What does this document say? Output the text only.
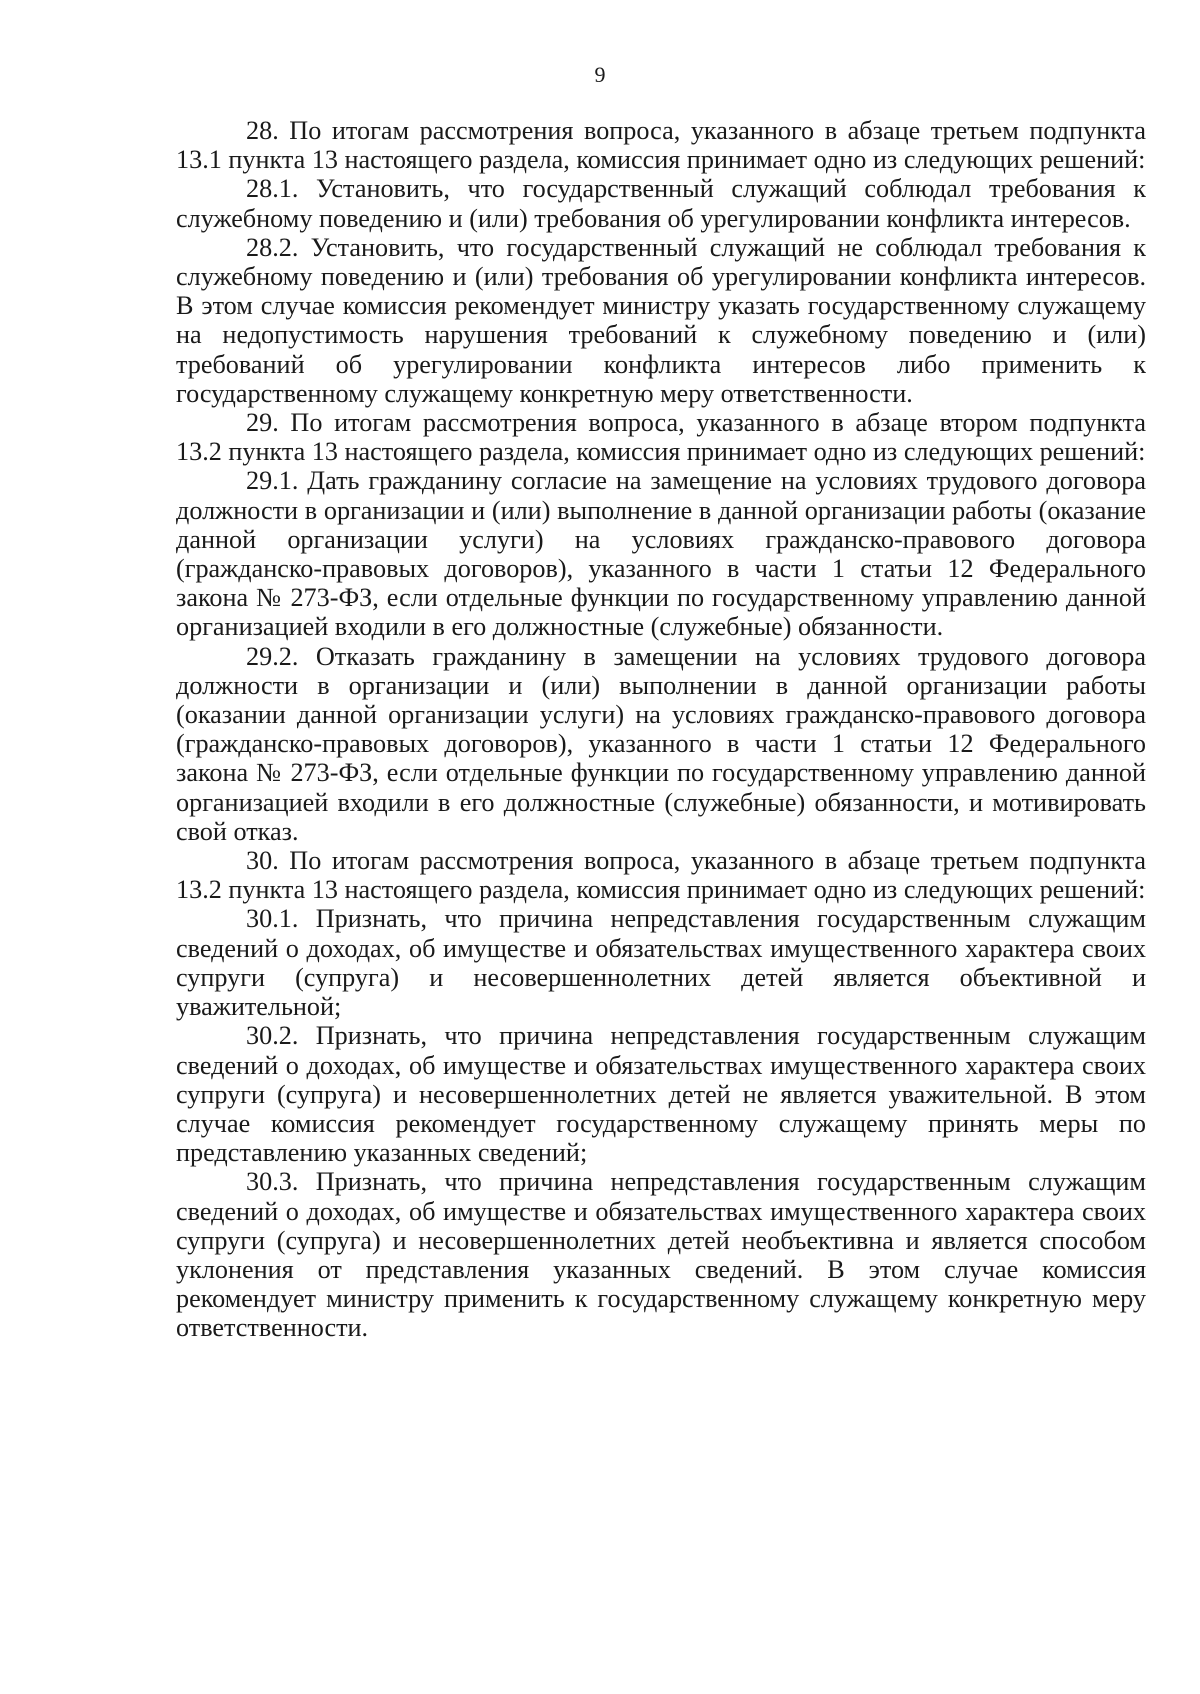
9

28. По итогам рассмотрения вопроса, указанного в абзаце третьем подпункта 13.1 пункта 13 настоящего раздела, комиссия принимает одно из следующих решений:

28.1. Установить, что государственный служащий соблюдал требования к служебному поведению и (или) требования об урегулировании конфликта интересов.

28.2. Установить, что государственный служащий не соблюдал требования к служебному поведению и (или) требования об урегулировании конфликта интересов. В этом случае комиссия рекомендует министру указать государственному служащему на недопустимость нарушения требований к служебному поведению и (или) требований об урегулировании конфликта интересов либо применить к государственному служащему конкретную меру ответственности.

29. По итогам рассмотрения вопроса, указанного в абзаце втором подпункта 13.2 пункта 13 настоящего раздела, комиссия принимает одно из следующих решений:

29.1. Дать гражданину согласие на замещение на условиях трудового договора должности в организации и (или) выполнение в данной организации работы (оказание данной организации услуги) на условиях гражданско-правового договора (гражданско-правовых договоров), указанного в части 1 статьи 12 Федерального закона № 273-ФЗ, если отдельные функции по государственному управлению данной организацией входили в его должностные (служебные) обязанности.

29.2. Отказать гражданину в замещении на условиях трудового договора должности в организации и (или) выполнении в данной организации работы (оказании данной организации услуги) на условиях гражданско-правового договора (гражданско-правовых договоров), указанного в части 1 статьи 12 Федерального закона № 273-ФЗ, если отдельные функции по государственному управлению данной организацией входили в его должностные (служебные) обязанности, и мотивировать свой отказ.

30. По итогам рассмотрения вопроса, указанного в абзаце третьем подпункта 13.2 пункта 13 настоящего раздела, комиссия принимает одно из следующих решений:

30.1. Признать, что причина непредставления государственным служащим сведений о доходах, об имуществе и обязательствах имущественного характера своих супруги (супруга) и несовершеннолетних детей является объективной и уважительной;

30.2. Признать, что причина непредставления государственным служащим сведений о доходах, об имуществе и обязательствах имущественного характера своих супруги (супруга) и несовершеннолетних детей не является уважительной. В этом случае комиссия рекомендует государственному служащему принять меры по представлению указанных сведений;

30.3. Признать, что причина непредставления государственным служащим сведений о доходах, об имуществе и обязательствах имущественного характера своих супруги (супруга) и несовершеннолетних детей необъективна и является способом уклонения от представления указанных сведений. В этом случае комиссия рекомендует министру применить к государственному служащему конкретную меру ответственности.
